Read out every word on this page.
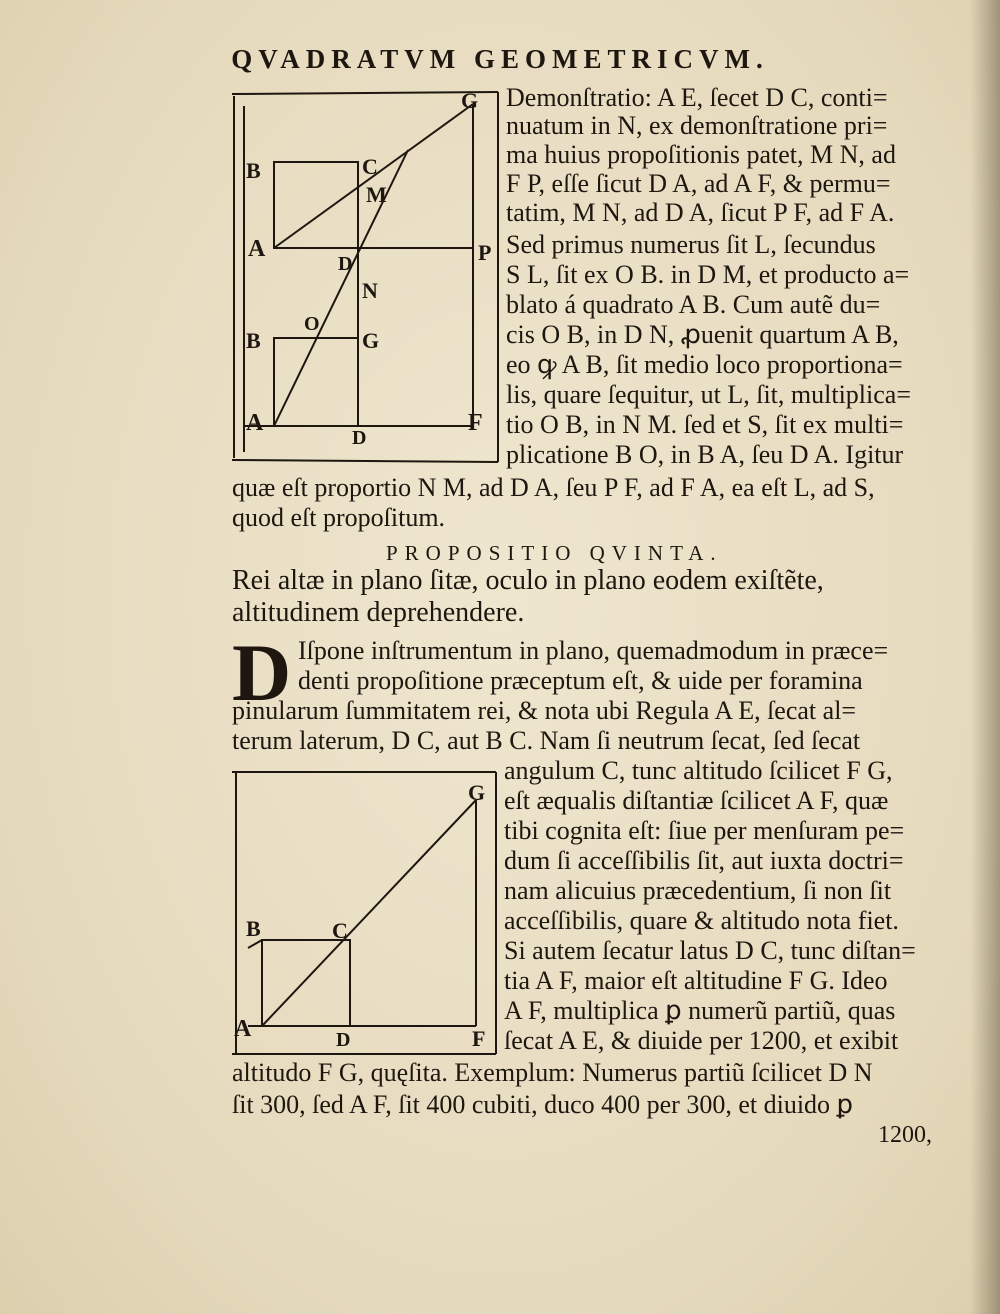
QVADRATVM GEOMETRICVM.
G
B	C
M
A
D	P
N
O
B	G
A
D
F
Demonſtratio: A E, ſecet D C, conti=
nuatum in N, ex demonſtratione pri=
ma huius propoſitionis patet, M N, ad
F P, eſſe ſicut D A, ad A F, & permu=
tatim, M N, ad D A, ſicut P F, ad F A.
Sed primus numerus ſit L, ſecundus
S L, ſit ex O B. in D M, et producto a=
blato á quadrato A B. Cum autẽ du=
cis O B, in D N, ꝓuenit quartum A B,
eo ꝙ A B, ſit medio loco proportiona=
lis, quare ſequitur, ut L, ſit, multiplica=
tio O B, in N M. ſed et S, ſit ex multi=
plicatione B O, in B A, ſeu D A. Igitur
quæ eſt proportio N M, ad D A, ſeu P F, ad F A, ea eſt L, ad S,
quod eſt propoſitum.
PROPOSITIO QVINTA.
Rei altæ in plano ſitæ, oculo in plano eodem exiſtẽte,
altitudinem deprehendere.
D Iſpone inſtrumentum in plano, quemadmodum in præce=
denti propoſitione præceptum eſt, & uide per foramina
pinularum ſummitatem rei, & nota ubi Regula A E, ſecat al=
terum laterum, D C, aut B C. Nam ſi neutrum ſecat, ſed ſecat
angulum C, tunc altitudo ſcilicet F G,
eſt æqualis diſtantiæ ſcilicet A F, quæ
tibi cognita eſt: ſiue per menſuram pe=
dum ſi acceſſibilis ſit, aut iuxta doctri=
nam alicuius præcedentium, ſi non ſit
acceſſibilis, quare & altitudo nota fiet.
Si autem ſecatur latus D C, tunc diſtan=
tia A F, maior eſt altitudine F G. Ideo
A F, multiplica ꝑ numerũ partiũ, quas
ſecat A E, & diuide per 1200, et exibit
altitudo F G, quęſita. Exemplum: Numerus partiũ ſcilicet D N
ſit 300, ſed A F, ſit 400 cubiti, duco 400 per 300, et diuido ꝑ
G
B	C
A	D	F
1200,
